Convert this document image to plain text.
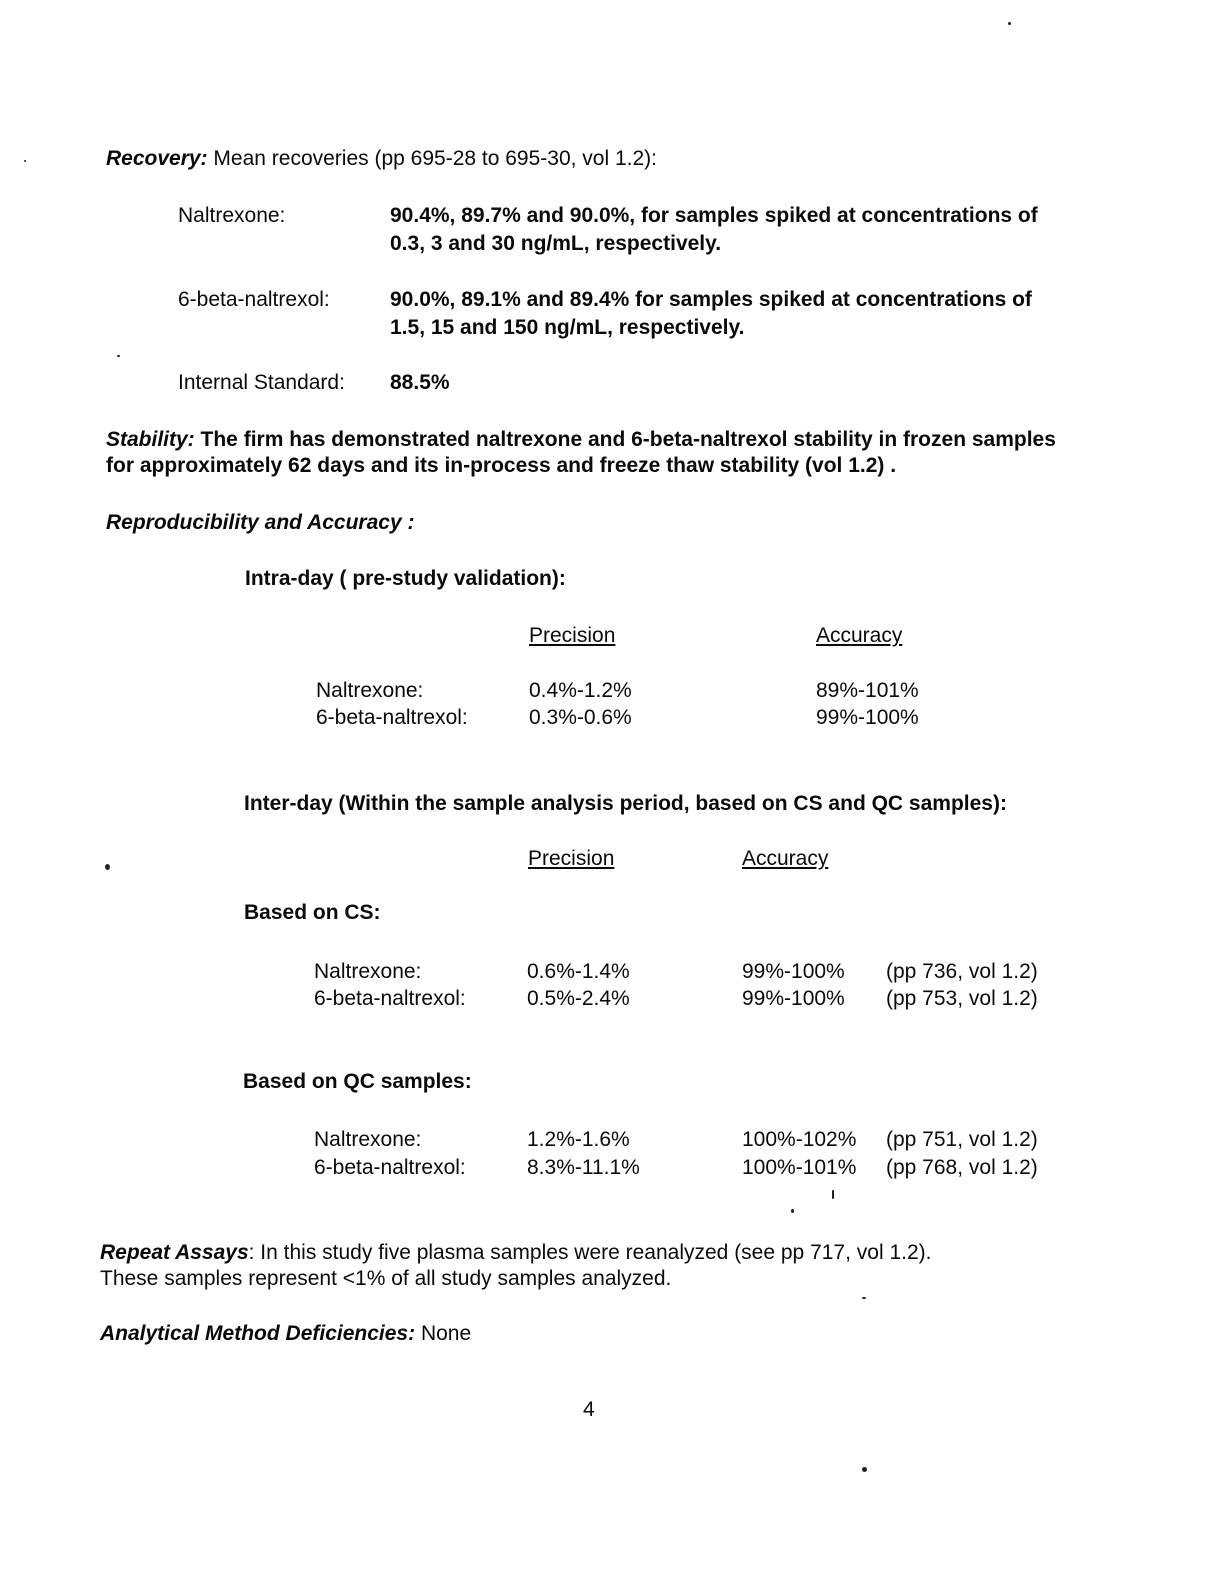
Recovery: Mean recoveries (pp 695-28 to 695-30, vol 1.2):
Naltrexone:	90.4%, 89.7% and 90.0%, for samples spiked at concentrations of
0.3, 3 and 30 ng/mL, respectively.
6-beta-naltrexol:	90.0%, 89.1% and 89.4% for samples spiked at concentrations of
1.5, 15 and 150 ng/mL, respectively.
Internal Standard: 88.5%
Stability: The firm has demonstrated naltrexone and 6-beta-naltrexol stability in frozen samples
for approximately 62 days and its in-process and freeze thaw stability (vol 1.2) .
Reproducibility and Accuracy :
Intra-day ( pre-study validation):
Precision	Accuracy
Naltrexone:	0.4%-1.2%	89%-101%
6-beta-naltrexol:	0.3%-0.6%	99%-100%
Inter-day (Within the sample analysis period, based on CS and QC samples):
Precision	Accuracy
Based on CS:
Naltrexone:	0.6%-1.4%	99%-100% (pp 736, vol 1.2)
6-beta-naltrexol:	0.5%-2.4%	99%-100% (pp 753, vol 1.2)
Based on QC samples:
Naltrexone:	1.2%-1.6%	100%-102% (pp 751, vol 1.2)
6-beta-naltrexol:	8.3%-11.1%	100%-101% (pp 768, vol 1.2)
Repeat Assays: In this study five plasma samples were reanalyzed (see pp 717, vol 1.2).
These samples represent <1% of all study samples analyzed.
Analytical Method Deficiencies: None
4
